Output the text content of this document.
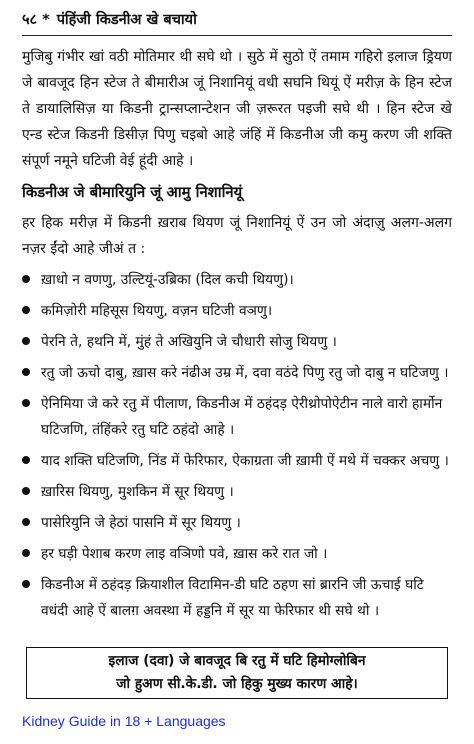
५८ * पंहिंजी किडनीअ खे बचायो

मुजिबु गंभीर खां वठी मोतिमार थी सघे थो । सुठे में सुठो ऐं तमाम गहिरो इलाज ड्रियण जे बावजूद हिन स्टेज ते बीमारीअ जूं निशानियूं वधी सघनि थियूं ऐं मरीज़ के हिन स्टेज ते डायालिसिज़ या किडनी ट्रान्सप्लान्टेशन जी ज़रूरत पइजी सघे थी । हिन स्टेज खे एन्ड स्टेज किडनी डिसीज़ पिणु चइबो आहे जंहिं में किडनीअ जी कमु करण जी शक्ति संपूर्ण नमूने घटिजी वेई हूंदी आहे ।

किडनीअ जे बीमारियुनि जूं आमु निशानियूं

हर हिक मरीज़ में किडनी ख़राब थियण जूं निशानियूं ऐं उन जो अंदाज़ु अलग-अलग नज़र ईंदो आहे जीअं त :

ख़ाधो न वणणु, उल्टियूं-उब्रिका (दिल कची थियणु)।
कमिज़ोरी महिसूस थियणु, वज़न घटिजी वञणु।
पेरनि ते, हथनि में, मुंहं ते अखियुनि जे चौधारी सोजु थियणु ।
रतु जो ऊचो दाबु, ख़ास करे नंढीअ उम्र में, दवा वठंदे पिणु रतु जो दाबु न घटिजणु ।
ऐनिमिया जे करे रतु में पीलाण, किडनीअ में ठहंदड़ ऐरीथ्रोपोऐटीन नाले वारो हार्मोन घटिजणि, तंहिंकरे रतु घटि ठहंदो आहे ।
याद शक्ति घटिजणि, निंड में फेरिफार, ऐकाग्रता जी ख़ामी ऐं मथे में चक्कर अचणु ।
ख़ारिस थियणु, मुशकिन में सूर थियणु ।
पासेरियुनि जे हेठां पासनि में सूर थियणु ।
हर घड़ी पेशाब करण लाइ वञिणो पवे, ख़ास करे रात जो ।
किडनीअ में ठहंदड़ क्रियाशील विटामिन-डी घटि ठहण सां ब्रारनि जी ऊचाई घटि वधंदी आहे ऐं बालग़ अवस्था में हड्डनि में सूर या फेरिफार थी सघे थो ।
इलाज (दवा) जे बावजूद बि रतु में घटि हिमोग्लोबिन
जो हुअण सी.के.डी. जो हिकु मुख्य कारण आहे।
Kidney Guide in 18 + Languages
